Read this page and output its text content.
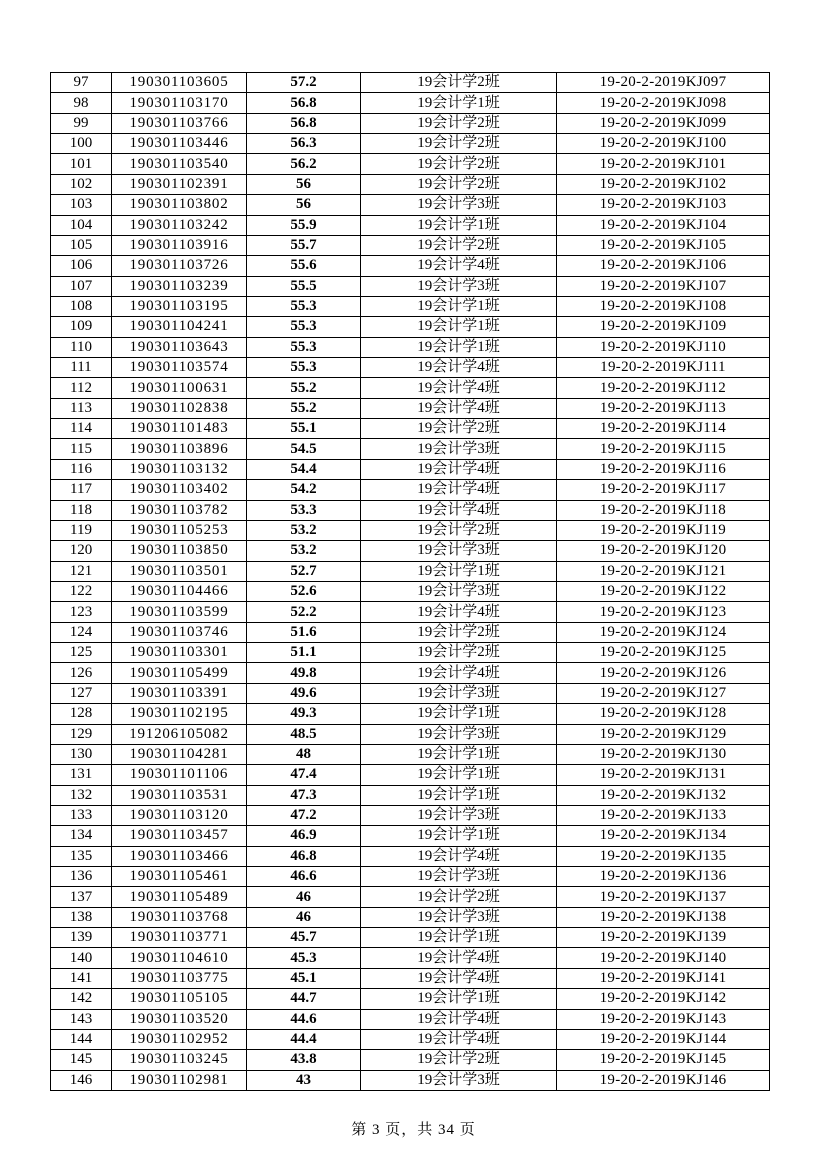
97	190301103605	57.2	19会计学2班	19-20-2-2019KJ097
98	190301103170	56.8	19会计学1班	19-20-2-2019KJ098
99	190301103766	56.8	19会计学2班	19-20-2-2019KJ099
100	190301103446	56.3	19会计学2班	19-20-2-2019KJ100
101	190301103540	56.2	19会计学2班	19-20-2-2019KJ101
102	190301102391	56	19会计学2班	19-20-2-2019KJ102
103	190301103802	56	19会计学3班	19-20-2-2019KJ103
104	190301103242	55.9	19会计学1班	19-20-2-2019KJ104
105	190301103916	55.7	19会计学2班	19-20-2-2019KJ105
106	190301103726	55.6	19会计学4班	19-20-2-2019KJ106
107	190301103239	55.5	19会计学3班	19-20-2-2019KJ107
108	190301103195	55.3	19会计学1班	19-20-2-2019KJ108
109	190301104241	55.3	19会计学1班	19-20-2-2019KJ109
110	190301103643	55.3	19会计学1班	19-20-2-2019KJ110
111	190301103574	55.3	19会计学4班	19-20-2-2019KJ111
112	190301100631	55.2	19会计学4班	19-20-2-2019KJ112
113	190301102838	55.2	19会计学4班	19-20-2-2019KJ113
114	190301101483	55.1	19会计学2班	19-20-2-2019KJ114
115	190301103896	54.5	19会计学3班	19-20-2-2019KJ115
116	190301103132	54.4	19会计学4班	19-20-2-2019KJ116
117	190301103402	54.2	19会计学4班	19-20-2-2019KJ117
118	190301103782	53.3	19会计学4班	19-20-2-2019KJ118
119	190301105253	53.2	19会计学2班	19-20-2-2019KJ119
120	190301103850	53.2	19会计学3班	19-20-2-2019KJ120
121	190301103501	52.7	19会计学1班	19-20-2-2019KJ121
122	190301104466	52.6	19会计学3班	19-20-2-2019KJ122
123	190301103599	52.2	19会计学4班	19-20-2-2019KJ123
124	190301103746	51.6	19会计学2班	19-20-2-2019KJ124
125	190301103301	51.1	19会计学2班	19-20-2-2019KJ125
126	190301105499	49.8	19会计学4班	19-20-2-2019KJ126
127	190301103391	49.6	19会计学3班	19-20-2-2019KJ127
128	190301102195	49.3	19会计学1班	19-20-2-2019KJ128
129	191206105082	48.5	19会计学3班	19-20-2-2019KJ129
130	190301104281	48	19会计学1班	19-20-2-2019KJ130
131	190301101106	47.4	19会计学1班	19-20-2-2019KJ131
132	190301103531	47.3	19会计学1班	19-20-2-2019KJ132
133	190301103120	47.2	19会计学3班	19-20-2-2019KJ133
134	190301103457	46.9	19会计学1班	19-20-2-2019KJ134
135	190301103466	46.8	19会计学4班	19-20-2-2019KJ135
136	190301105461	46.6	19会计学3班	19-20-2-2019KJ136
137	190301105489	46	19会计学2班	19-20-2-2019KJ137
138	190301103768	46	19会计学3班	19-20-2-2019KJ138
139	190301103771	45.7	19会计学1班	19-20-2-2019KJ139
140	190301104610	45.3	19会计学4班	19-20-2-2019KJ140
141	190301103775	45.1	19会计学4班	19-20-2-2019KJ141
142	190301105105	44.7	19会计学1班	19-20-2-2019KJ142
143	190301103520	44.6	19会计学4班	19-20-2-2019KJ143
144	190301102952	44.4	19会计学4班	19-20-2-2019KJ144
145	190301103245	43.8	19会计学2班	19-20-2-2019KJ145
146	190301102981	43	19会计学3班	19-20-2-2019KJ146
第 3 页，共 34 页
